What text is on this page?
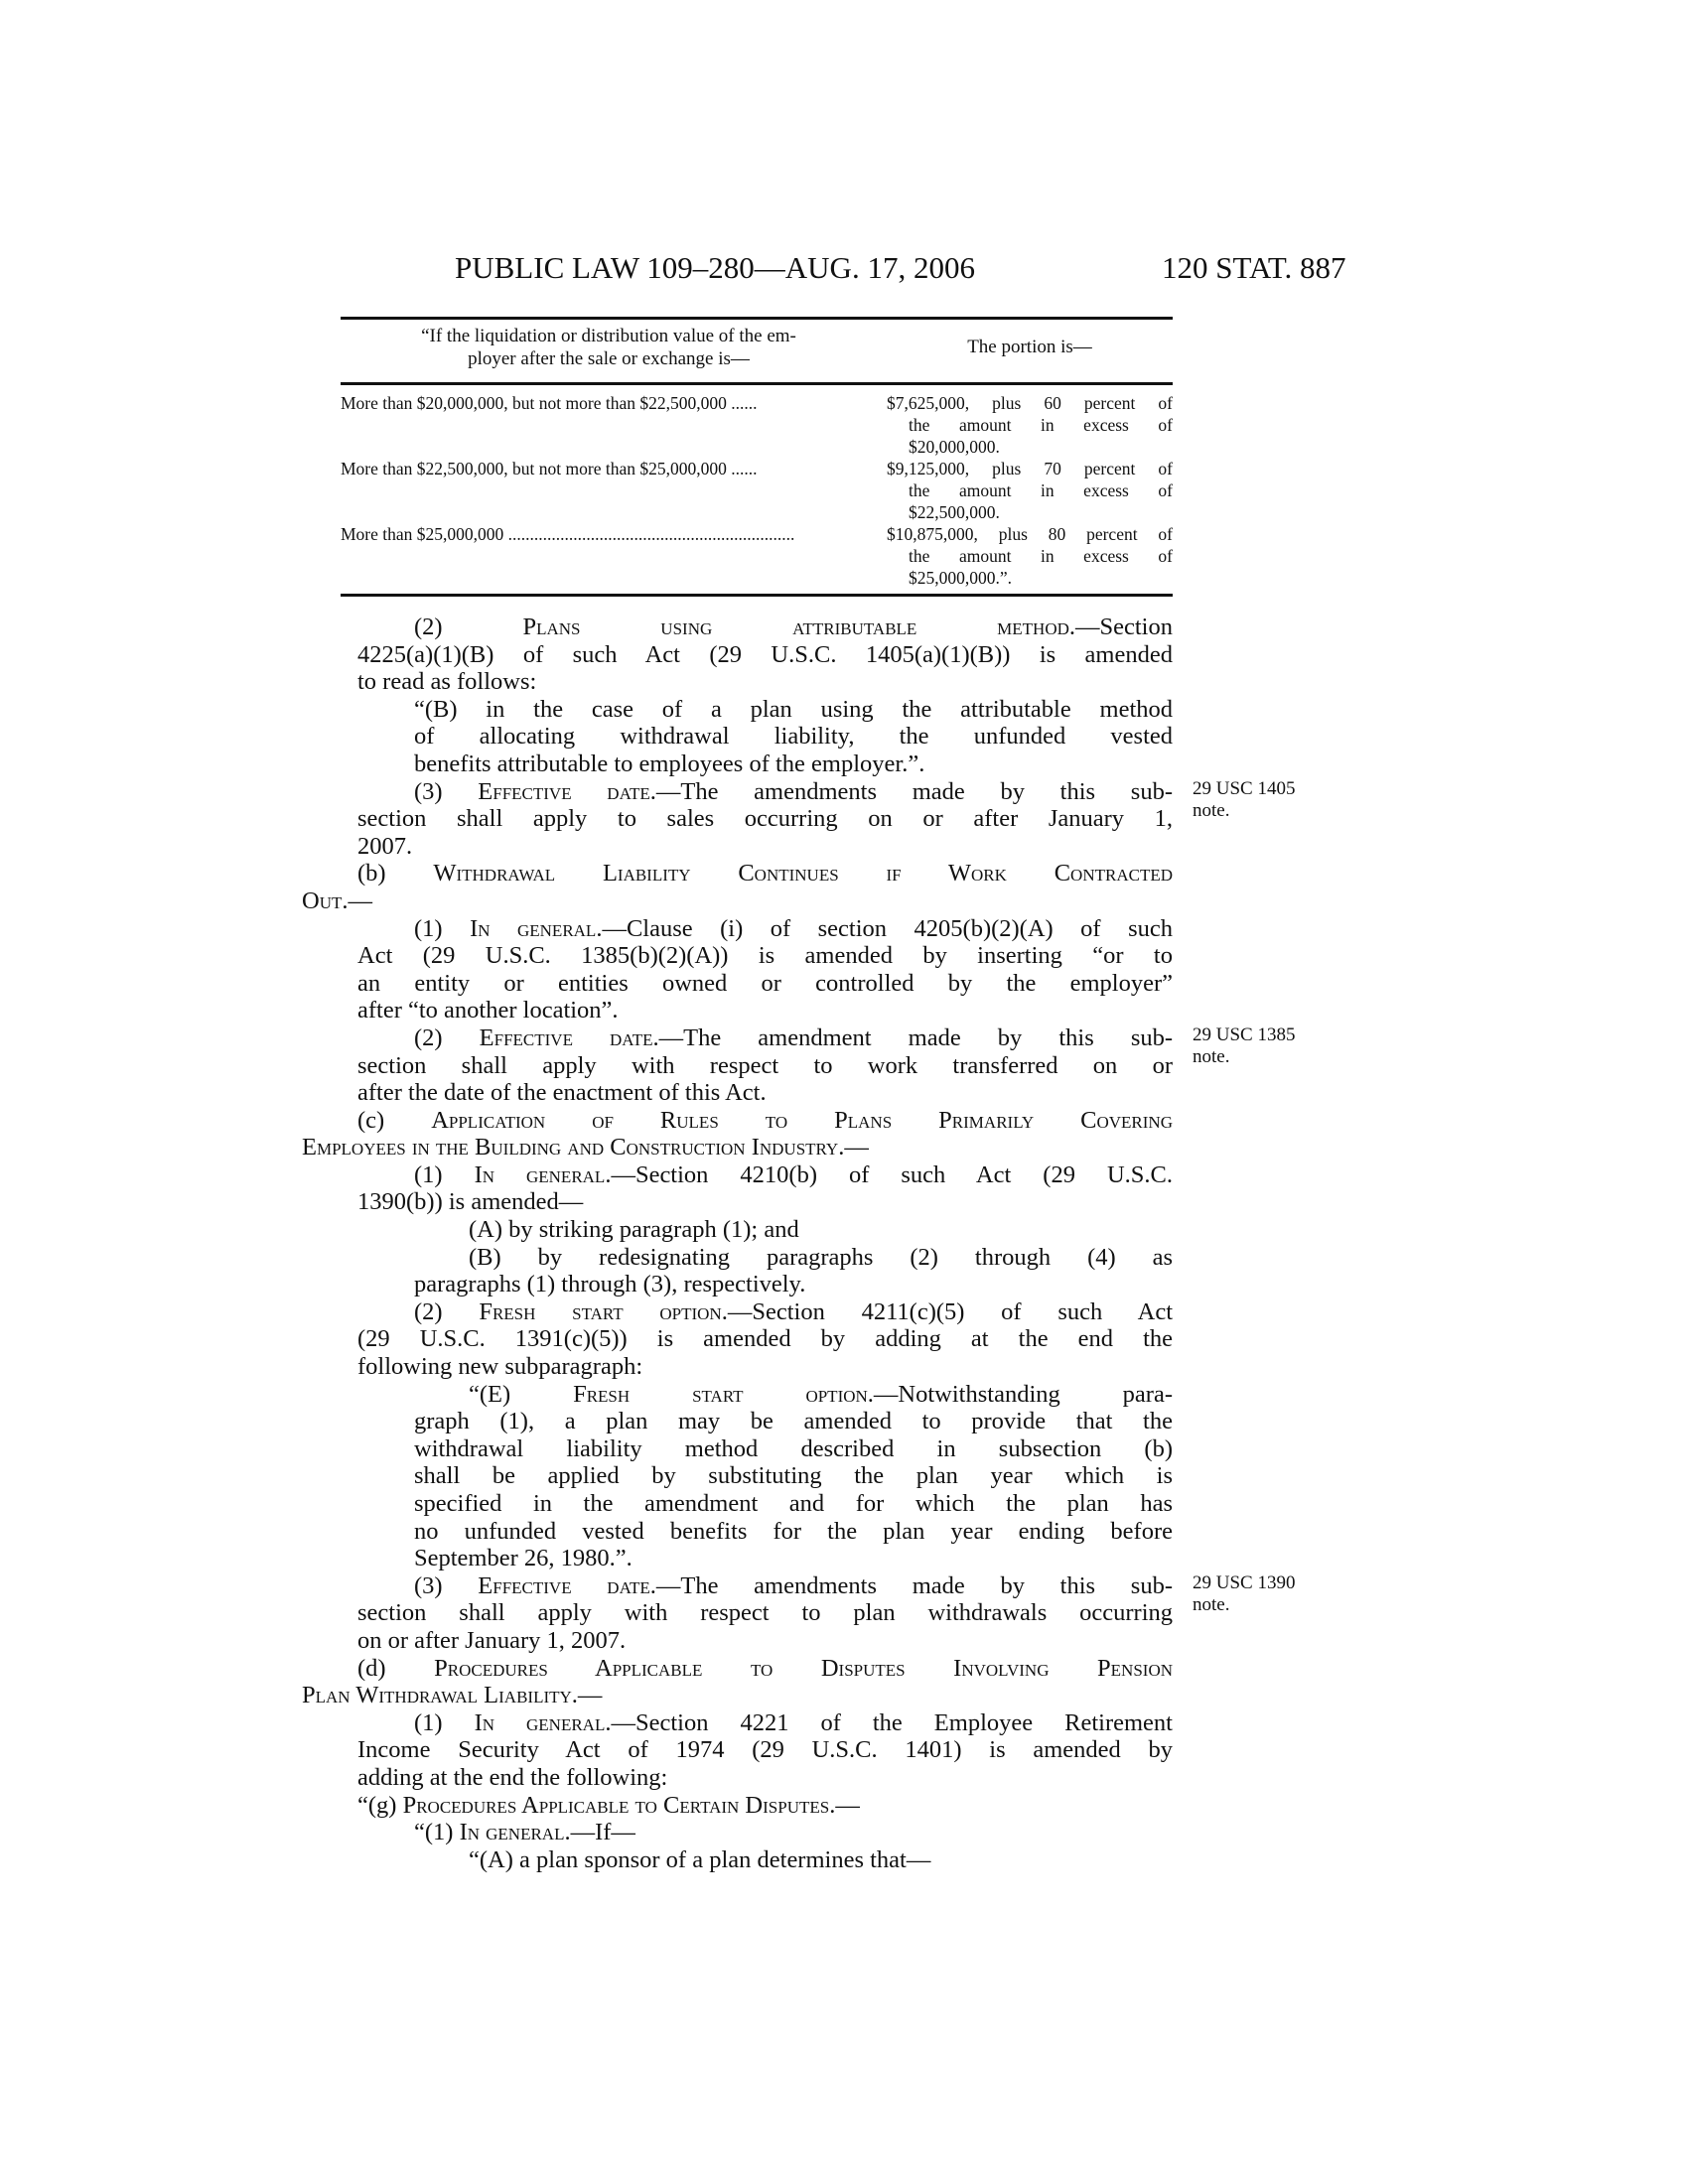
PUBLIC LAW 109–280—AUG. 17, 2006	120 STAT. 887
“If the liquidation or distribution value of the em-
ployer after the sale or exchange is—
The portion is—
More than $20,000,000, but not more than $22,500,000 ......	$7,625,000, plus 60 percent of
the amount in excess of
$20,000,000.
More than $22,500,000, but not more than $25,000,000 ......	$9,125,000, plus 70 percent of
the amount in excess of
$22,500,000.
More than $25,000,000 ..................................................................	$10,875,000, plus 80 percent of
the amount in excess of
$25,000,000.”.
(2) Plans using attributable method.—Section
4225(a)(1)(B) of such Act (29 U.S.C. 1405(a)(1)(B)) is amended
to read as follows:
“(B) in the case of a plan using the attributable method
of allocating withdrawal liability, the unfunded vested
benefits attributable to employees of the employer.”.
(3) Effective date.—The amendments made by this sub- 29 USC 1405
note.
section shall apply to sales occurring on or after January 1,
2007.
(b) Withdrawal Liability Continues if Work Contracted
Out.—
(1) In general.—Clause (i) of section 4205(b)(2)(A) of such
Act (29 U.S.C. 1385(b)(2)(A)) is amended by inserting “or to
an entity or entities owned or controlled by the employer”
after “to another location”.
(2) Effective date.—The amendment made by this sub- 29 USC 1385
note.
section shall apply with respect to work transferred on or
after the date of the enactment of this Act.
(c) Application of Rules to Plans Primarily Covering
Employees in the Building and Construction Industry.—
(1) In general.—Section 4210(b) of such Act (29 U.S.C.
1390(b)) is amended—
(A) by striking paragraph (1); and
(B) by redesignating paragraphs (2) through (4) as
paragraphs (1) through (3), respectively.
(2) Fresh start option.—Section 4211(c)(5) of such Act
(29 U.S.C. 1391(c)(5)) is amended by adding at the end the
following new subparagraph:
“(E) Fresh start option.—Notwithstanding para-
graph (1), a plan may be amended to provide that the
withdrawal liability method described in subsection (b)
shall be applied by substituting the plan year which is
specified in the amendment and for which the plan has
no unfunded vested benefits for the plan year ending before
September 26, 1980.”.
(3) Effective date.—The amendments made by this sub- 29 USC 1390
note.
section shall apply with respect to plan withdrawals occurring
on or after January 1, 2007.
(d) Procedures Applicable to Disputes Involving Pension
Plan Withdrawal Liability.—
(1) In general.—Section 4221 of the Employee Retirement
Income Security Act of 1974 (29 U.S.C. 1401) is amended by
adding at the end the following:
“(g) Procedures Applicable to Certain Disputes.—
“(1) In general.—If—
“(A) a plan sponsor of a plan determines that—
